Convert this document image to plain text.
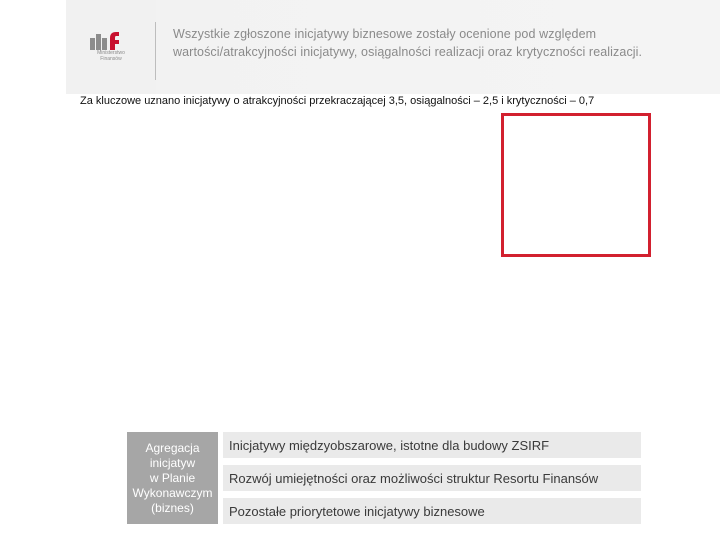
Ministerstwo Finansów
Wszystkie zgłoszone inicjatywy biznesowe zostały ocenione pod względem wartości/atrakcyjności inicjatywy, osiągalności realizacji oraz krytyczności realizacji.
Za kluczowe uznano inicjatywy o atrakcyjności przekraczającej 3,5, osiągalności – 2,5 i krytyczności – 0,7
Agregacja
inicjatyw
w Planie
Wykonawczym
(biznes)
Inicjatywy międzyobszarowe, istotne dla budowy ZSIRF
Rozwój umiejętności oraz możliwości struktur Resortu Finansów
Pozostałe priorytetowe inicjatywy biznesowe
